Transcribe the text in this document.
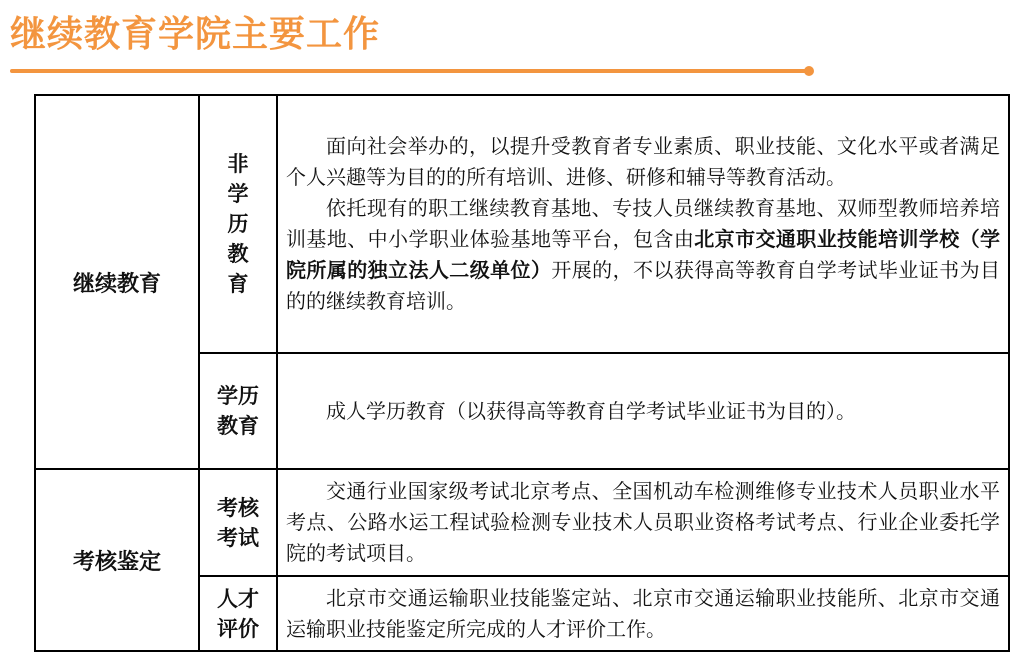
继续教育学院主要工作
继续教育	非学历教育	面向社会举办的，以提升受教育者专业素质、职业技能、文化水平或者满足个人兴趣等为目的的所有培训、进修、研修和辅导等教育活动。

依托现有的职工继续教育基地、专技人员继续教育基地、双师型教师培养培训基地、中小学职业体验基地等平台，包含由北京市交通职业技能培训学校（学院所属的独立法人二级单位）开展的，不以获得高等教育自学考试毕业证书为目的的继续教育培训。

	学历教育	成人学历教育（以获得高等教育自学考试毕业证书为目的）。

考核鉴定	考核考试	交通行业国家级考试北京考点、全国机动车检测维修专业技术人员职业水平考点、公路水运工程试验检测专业技术人员职业资格考试考点、行业企业委托学院的考试项目。

	人才评价	北京市交通运输职业技能鉴定站、北京市交通运输职业技能所、北京市交通运输职业技能鉴定所完成的人才评价工作。
